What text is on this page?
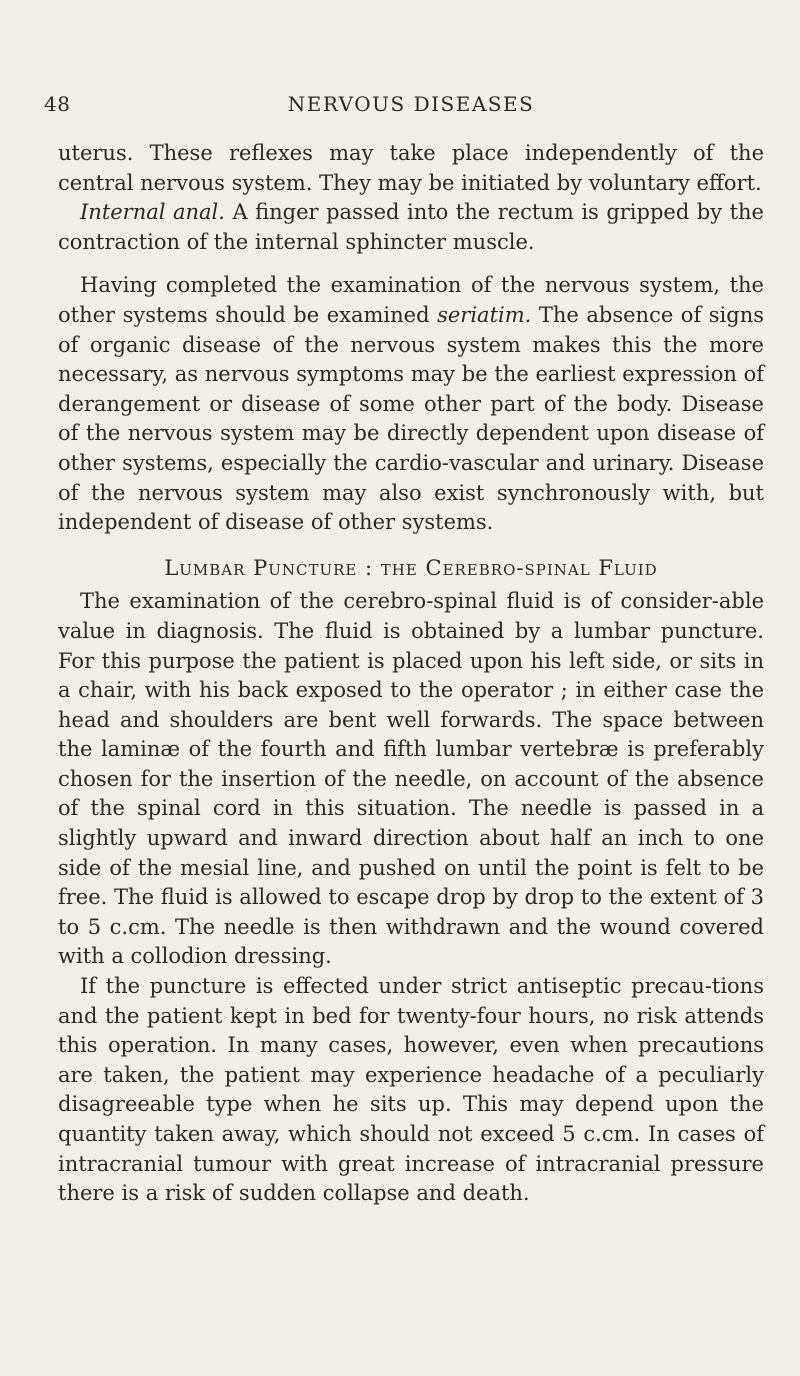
48	NERVOUS DISEASES

uterus. These reflexes may take place independently of the central nervous system. They may be initiated by voluntary effort.

Internal anal. A finger passed into the rectum is gripped by the contraction of the internal sphincter muscle.

Having completed the examination of the nervous system, the other systems should be examined seriatim. The absence of signs of organic disease of the nervous system makes this the more necessary, as nervous symptoms may be the earliest expression of derangement or disease of some other part of the body. Disease of the nervous system may be directly dependent upon disease of other systems, especially the cardio-vascular and urinary. Disease of the nervous system may also exist synchronously with, but independent of disease of other systems.

Lumbar Puncture : the Cerebro-spinal Fluid

The examination of the cerebro-spinal fluid is of consider-able value in diagnosis. The fluid is obtained by a lumbar puncture. For this purpose the patient is placed upon his left side, or sits in a chair, with his back exposed to the operator ; in either case the head and shoulders are bent well forwards. The space between the laminæ of the fourth and fifth lumbar vertebræ is preferably chosen for the insertion of the needle, on account of the absence of the spinal cord in this situation. The needle is passed in a slightly upward and inward direction about half an inch to one side of the mesial line, and pushed on until the point is felt to be free. The fluid is allowed to escape drop by drop to the extent of 3 to 5 c.cm. The needle is then withdrawn and the wound covered with a collodion dressing.

If the puncture is effected under strict antiseptic precau-tions and the patient kept in bed for twenty-four hours, no risk attends this operation. In many cases, however, even when precautions are taken, the patient may experience headache of a peculiarly disagreeable type when he sits up. This may depend upon the quantity taken away, which should not exceed 5 c.cm. In cases of intracranial tumour with great increase of intracranial pressure there is a risk of sudden collapse and death.
